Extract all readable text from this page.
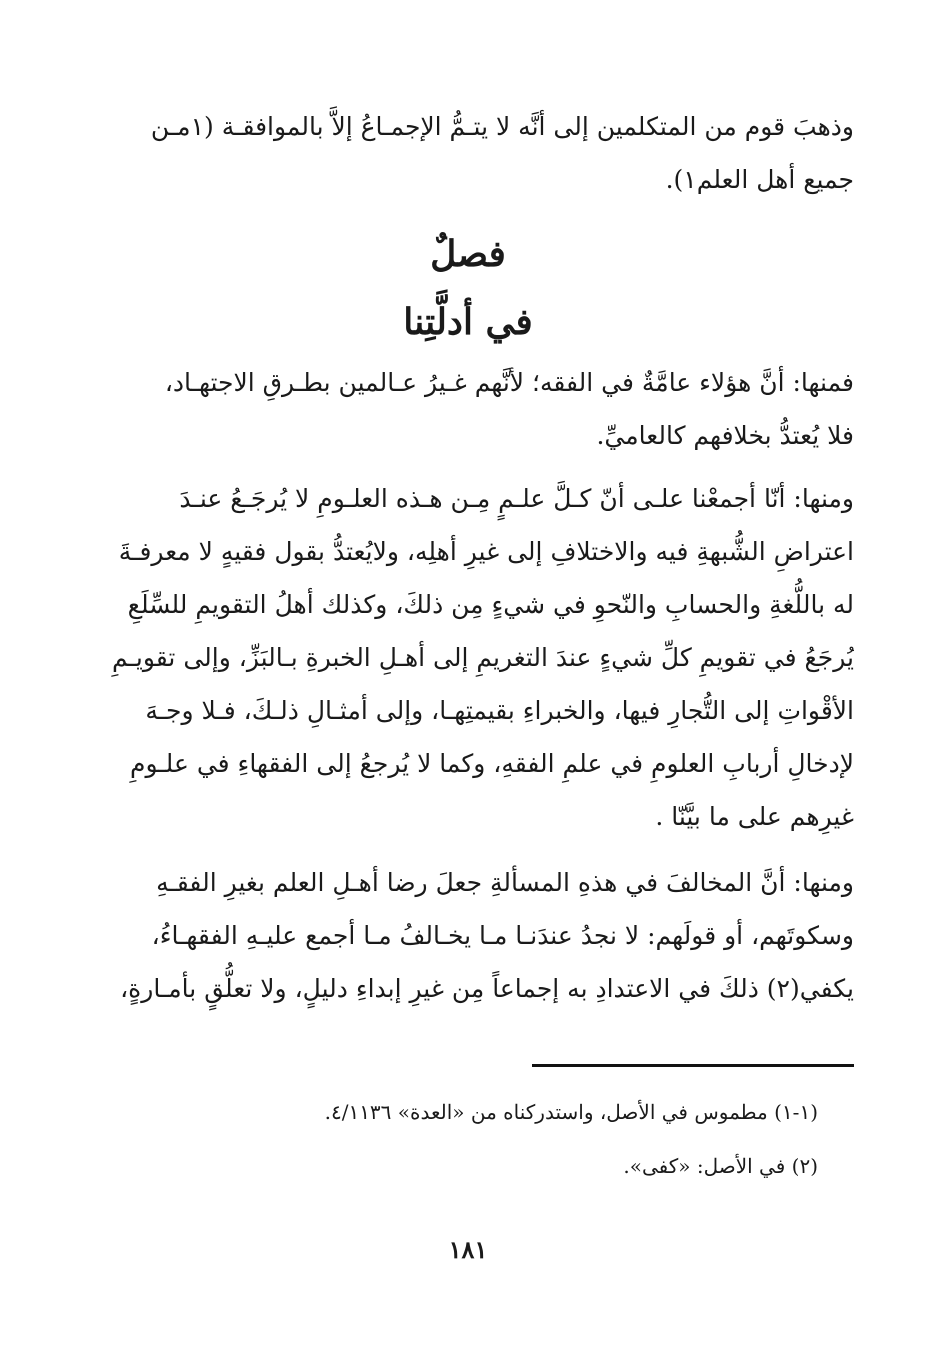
وذهبَ قوم من المتكلمين إلى أنَّه لا يتـمُّ الإجمـاعُ إلاَّ بالموافقـة (١مـن
جميع أهل العلم١).
فصلٌ
في أدلَّتِنا
فمنها: أنَّ هؤلاء عامَّةٌ في الفقه؛ لأنَّهم غـيرُ عـالمين بطـرقِ الاجتهـاد،
فلا يُعتدُّ بخلافهم كالعاميِّ.
ومنها: أنّا أجمعْنا علـى أنّ كـلَّ علـمٍ مِـن هـذه العلـومِ لا يُرجَـعُ عنـدَ
اعتراضِ الشُّبهةِ فيه والاختلافِ إلى غيرِ أهلِه، ولايُعتدُّ بقول فقيهٍ لا معرفـةَ
له باللُّغةِ والحسابِ والنّحوِ في شيءٍ مِن ذلكَ، وكذلك أهلُ التقويمِ للسِّلَعِ
يُرجَعُ في تقويمِ كلِّ شيءٍ عندَ التغريمِ إلى أهـلِ الخبرةِ بـالبَزِّ، وإلى تقويـمِ
الأقْواتِ إلى التُّجارِ فيها، والخبراءِ بقيمتِهـا، وإلى أمثـالِ ذلـكَ، فـلا وجـهَ
لإدخالِ أربابِ العلومِ في علمِ الفقهِ، وكما لا يُرجعُ إلى الفقهاءِ في علـومِ
غيرِهم على ما بيَّنّا .
ومنها: أنَّ المخالفَ في هذهِ المسألةِ جعلَ رضا أهـلِ العلم بغيرِ الفقـهِ
وسكوتَهم، أو قولَهم: لا نجدُ عندَنـا مـا يخـالفُ مـا أجمع عليـهِ الفقهـاءُ،
يكفي(٢) ذلكَ في الاعتدادِ به إجماعاً مِن غيرِ إبداءِ دليلٍ، ولا تعلُّقٍ بأمـارةٍ،
(١-١) مطموس في الأصل، واستدركناه من «العدة» ٤/١١٣٦.
(٢) في الأصل: «كفى».
١٨١
